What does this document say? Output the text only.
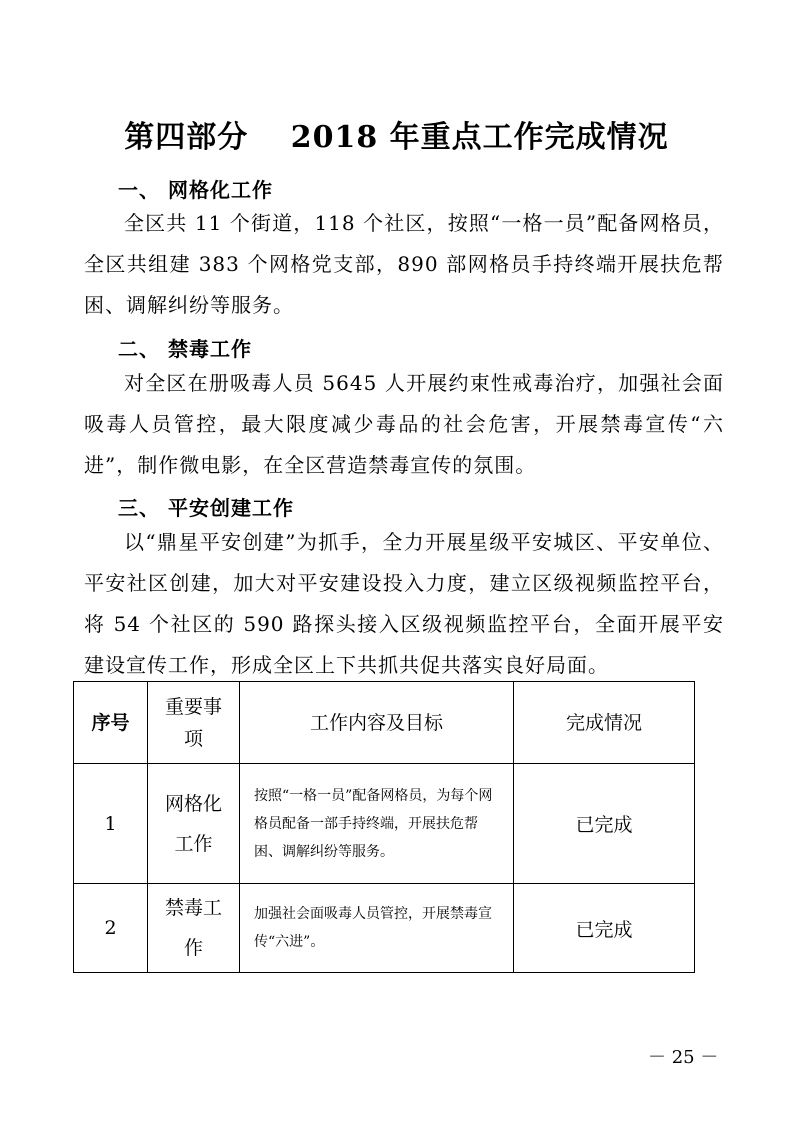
第四部分　 2018 年重点工作完成情况
一、 网格化工作

全区共 11 个街道，118 个社区，按照“一格一员”配备网格员，全区共组建 383 个网格党支部，890 部网格员手持终端开展扶危帮困、调解纠纷等服务。

二、 禁毒工作

对全区在册吸毒人员 5645 人开展约束性戒毒治疗，加强社会面吸毒人员管控，最大限度减少毒品的社会危害，开展禁毒宣传“六进”，制作微电影，在全区营造禁毒宣传的氛围。

三、 平安创建工作

以“鼎星平安创建”为抓手，全力开展星级平安城区、平安单位、平安社区创建，加大对平安建设投入力度，建立区级视频监控平台，将 54 个社区的 590 路探头接入区级视频监控平台，全面开展平安建设宣传工作，形成全区上下共抓共促共落实良好局面。

序号	重要事项	工作内容及目标	完成情况
1	网格化工作	按照“一格一员”配备网格员，为每个网格员配备一部手持终端，开展扶危帮困、调解纠纷等服务。	已完成
2	禁毒工作	加强社会面吸毒人员管控，开展禁毒宣传“六进”。	已完成
－ 25 －
